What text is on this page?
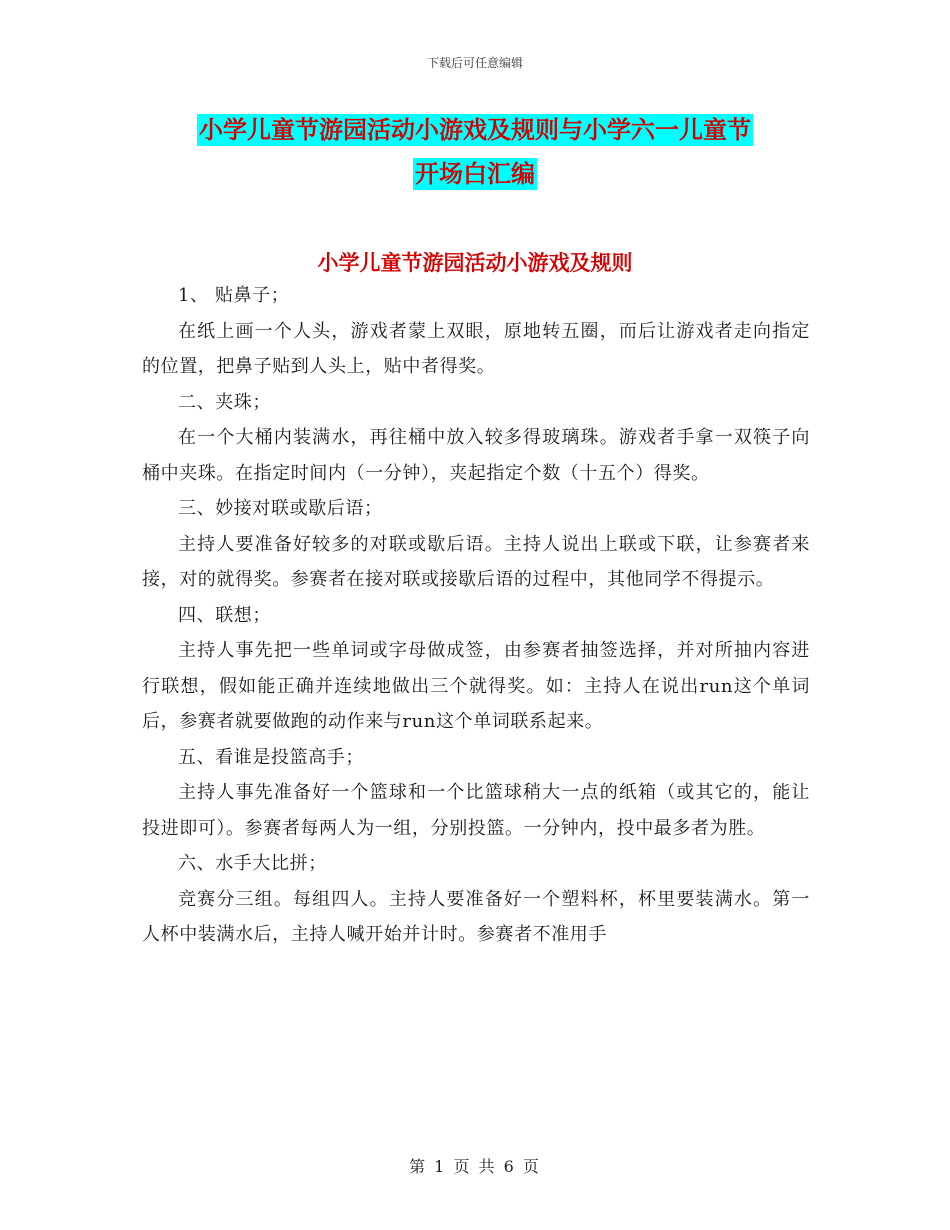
下载后可任意编辑
小学儿童节游园活动小游戏及规则与小学六一儿童节
开场白汇编
小学儿童节游园活动小游戏及规则

1、 贴鼻子；

在纸上画一个人头，游戏者蒙上双眼，原地转五圈，而后让游戏者走向指定的位置，把鼻子贴到人头上，贴中者得奖。

二、夹珠；

在一个大桶内装满水，再往桶中放入较多得玻璃珠。游戏者手拿一双筷子向桶中夹珠。在指定时间内（一分钟），夹起指定个数（十五个）得奖。

三、妙接对联或歇后语；

主持人要准备好较多的对联或歇后语。主持人说出上联或下联，让参赛者来接，对的就得奖。参赛者在接对联或接歇后语的过程中，其他同学不得提示。

四、联想；

主持人事先把一些单词或字母做成签，由参赛者抽签选择，并对所抽内容进行联想，假如能正确并连续地做出三个就得奖。如：主持人在说出run这个单词后，参赛者就要做跑的动作来与run这个单词联系起来。

五、看谁是投篮高手；

主持人事先准备好一个篮球和一个比篮球稍大一点的纸箱（或其它的，能让投进即可）。参赛者每两人为一组，分别投篮。一分钟内，投中最多者为胜。

六、水手大比拼；

竞赛分三组。每组四人。主持人要准备好一个塑料杯，杯里要装满水。第一人杯中装满水后，主持人喊开始并计时。参赛者不准用手

第 1 页 共 6 页
